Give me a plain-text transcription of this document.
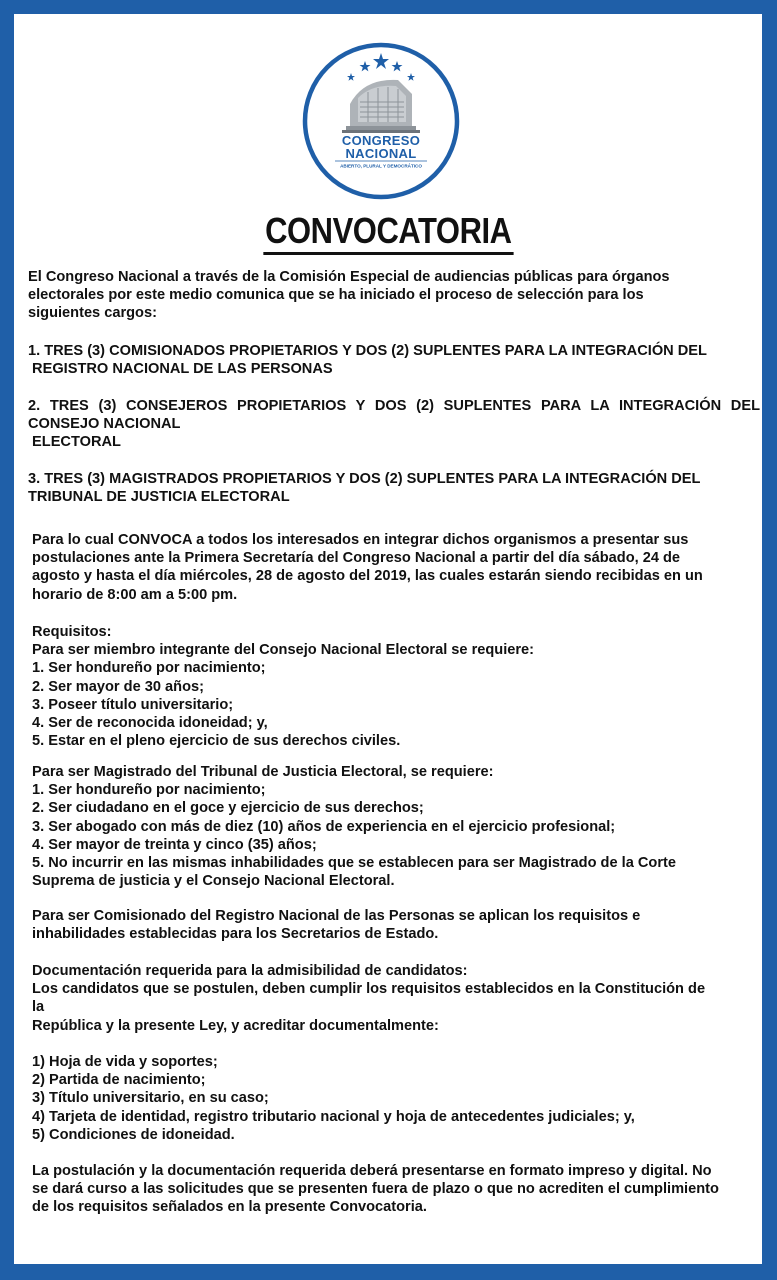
CONGRESO
NACIONAL
ABIERTO, PLURAL Y DEMOCRÁTICO
CONVOCATORIA
El Congreso Nacional a través de la Comisión Especial de audiencias públicas para órganos
electorales por este medio comunica que se ha iniciado el proceso de selección para los
siguientes cargos:
1. TRES (3) COMISIONADOS PROPIETARIOS Y DOS (2) SUPLENTES PARA LA INTEGRACIÓN DEL
REGISTRO NACIONAL DE LAS PERSONAS
2. TRES (3) CONSEJEROS PROPIETARIOS Y DOS (2) SUPLENTES PARA LA INTEGRACIÓN DEL
CONSEJO NACIONAL
ELECTORAL
3. TRES (3) MAGISTRADOS PROPIETARIOS Y DOS (2) SUPLENTES PARA LA INTEGRACIÓN DEL
TRIBUNAL DE JUSTICIA ELECTORAL
Para lo cual CONVOCA a todos los interesados en integrar dichos organismos a presentar sus
postulaciones ante la Primera Secretaría del Congreso Nacional a partir del día sábado, 24 de
agosto y hasta el día miércoles, 28 de agosto del 2019, las cuales estarán siendo recibidas en un
horario de 8:00 am a 5:00 pm.
Requisitos:
Para ser miembro integrante del Consejo Nacional Electoral se requiere:
1. Ser hondureño por nacimiento;
2. Ser mayor de 30 años;
3. Poseer título universitario;
4. Ser de reconocida idoneidad; y,
5. Estar en el pleno ejercicio de sus derechos civiles.
Para ser Magistrado del Tribunal de Justicia Electoral, se requiere:
1. Ser hondureño por nacimiento;
2. Ser ciudadano en el goce y ejercicio de sus derechos;
3. Ser abogado con más de diez (10) años de experiencia en el ejercicio profesional;
4. Ser mayor de treinta y cinco (35) años;
5. No incurrir en las mismas inhabilidades que se establecen para ser Magistrado de la Corte
Suprema de justicia y el Consejo Nacional Electoral.
Para ser Comisionado del Registro Nacional de las Personas se aplican los requisitos e
inhabilidades establecidas para los Secretarios de Estado.
Documentación requerida para la admisibilidad de candidatos:
Los candidatos que se postulen, deben cumplir los requisitos establecidos en la Constitución de
la
República y la presente Ley, y acreditar documentalmente:
1) Hoja de vida y soportes;
2) Partida de nacimiento;
3) Título universitario, en su caso;
4) Tarjeta de identidad, registro tributario nacional y hoja de antecedentes judiciales; y,
5) Condiciones de idoneidad.
La postulación y la documentación requerida deberá presentarse en formato impreso y digital. No
se dará curso a las solicitudes que se presenten fuera de plazo o que no acrediten el cumplimiento
de los requisitos señalados en la presente Convocatoria.
